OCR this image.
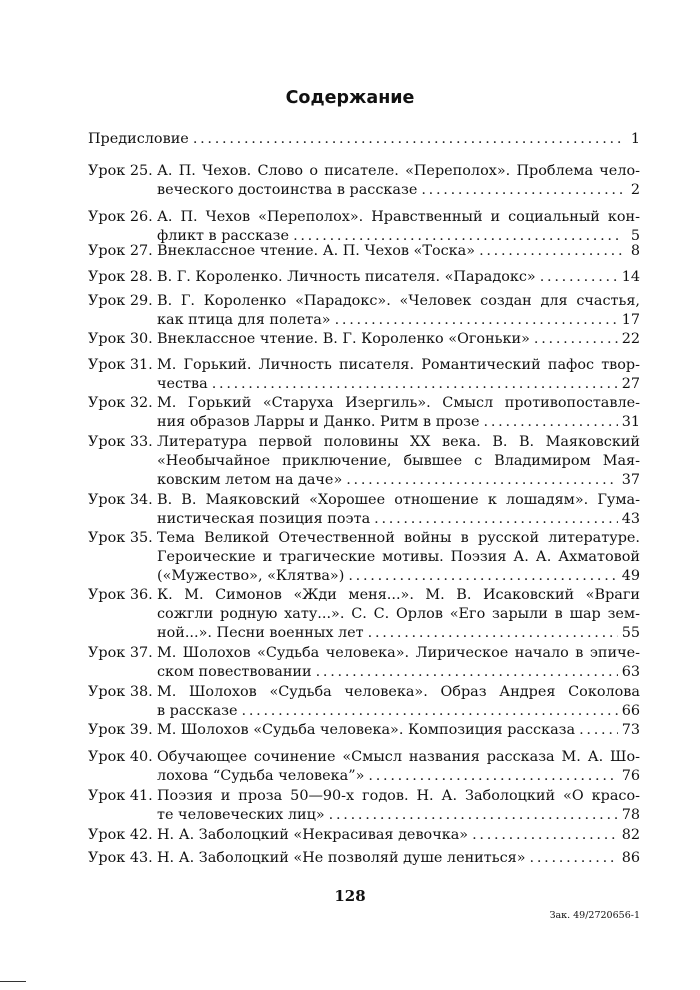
Содержание
Предисловие .....	1
Урок 25. А. П. Чехов. Слово о писателе. «Переполох». Проблема чело-
веческого достоинства в рассказе .....	2
Урок 26. А. П. Чехов «Переполох». Нравственный и социальный кон-
фликт в рассказе .....	5
Урок 27. Внеклассное чтение. А. П. Чехов «Тоска» .....	8
Урок 28. В. Г. Короленко. Личность писателя. «Парадокс» .....	14
Урок 29. В. Г. Короленко «Парадокс». «Человек создан для счастья,
как птица для полета» .....	17
Урок 30. Внеклассное чтение. В. Г. Короленко «Огоньки» .....	22
Урок 31. М. Горький. Личность писателя. Романтический пафос твор-
чества .....	27
Урок 32. М. Горький «Старуха Изергиль». Смысл противопоставле-
ния образов Ларры и Данко. Ритм в прозе .....	31
Урок 33. Литература первой половины XX века. В. В. Маяковский
«Необычайное приключение, бывшее с Владимиром Мая-
ковским летом на даче» .....	37
Урок 34. В. В. Маяковский «Хорошее отношение к лошадям». Гума-
нистическая позиция поэта .....	43
Урок 35. Тема Великой Отечественной войны в русской литературе.
Героические и трагические мотивы. Поэзия А. А. Ахматовой
(«Мужество», «Клятва») .....	49
Урок 36. К. М. Симонов «Жди меня...». М. В. Исаковский «Враги
сожгли родную хату...». С. С. Орлов «Его зарыли в шар зем-
ной...». Песни военных лет .....	55
Урок 37. М. Шолохов «Судьба человека». Лирическое начало в эпиче-
ском повествовании .....	63
Урок 38. М. Шолохов «Судьба человека». Образ Андрея Соколова
в рассказе .....	66
Урок 39. М. Шолохов «Судьба человека». Композиция рассказа .....	73
Урок 40. Обучающее сочинение «Смысл названия рассказа М. А. Шо-
лохова “Судьба человека”» .....	76
Урок 41. Поэзия и проза 50—90-х годов. Н. А. Заболоцкий «О красо-
те человеческих лиц» .....	78
Урок 42. Н. А. Заболоцкий «Некрасивая девочка» .....	82
Урок 43. Н. А. Заболоцкий «Не позволяй душе лениться» .....	86
128
Зак. 49/2720656-1
